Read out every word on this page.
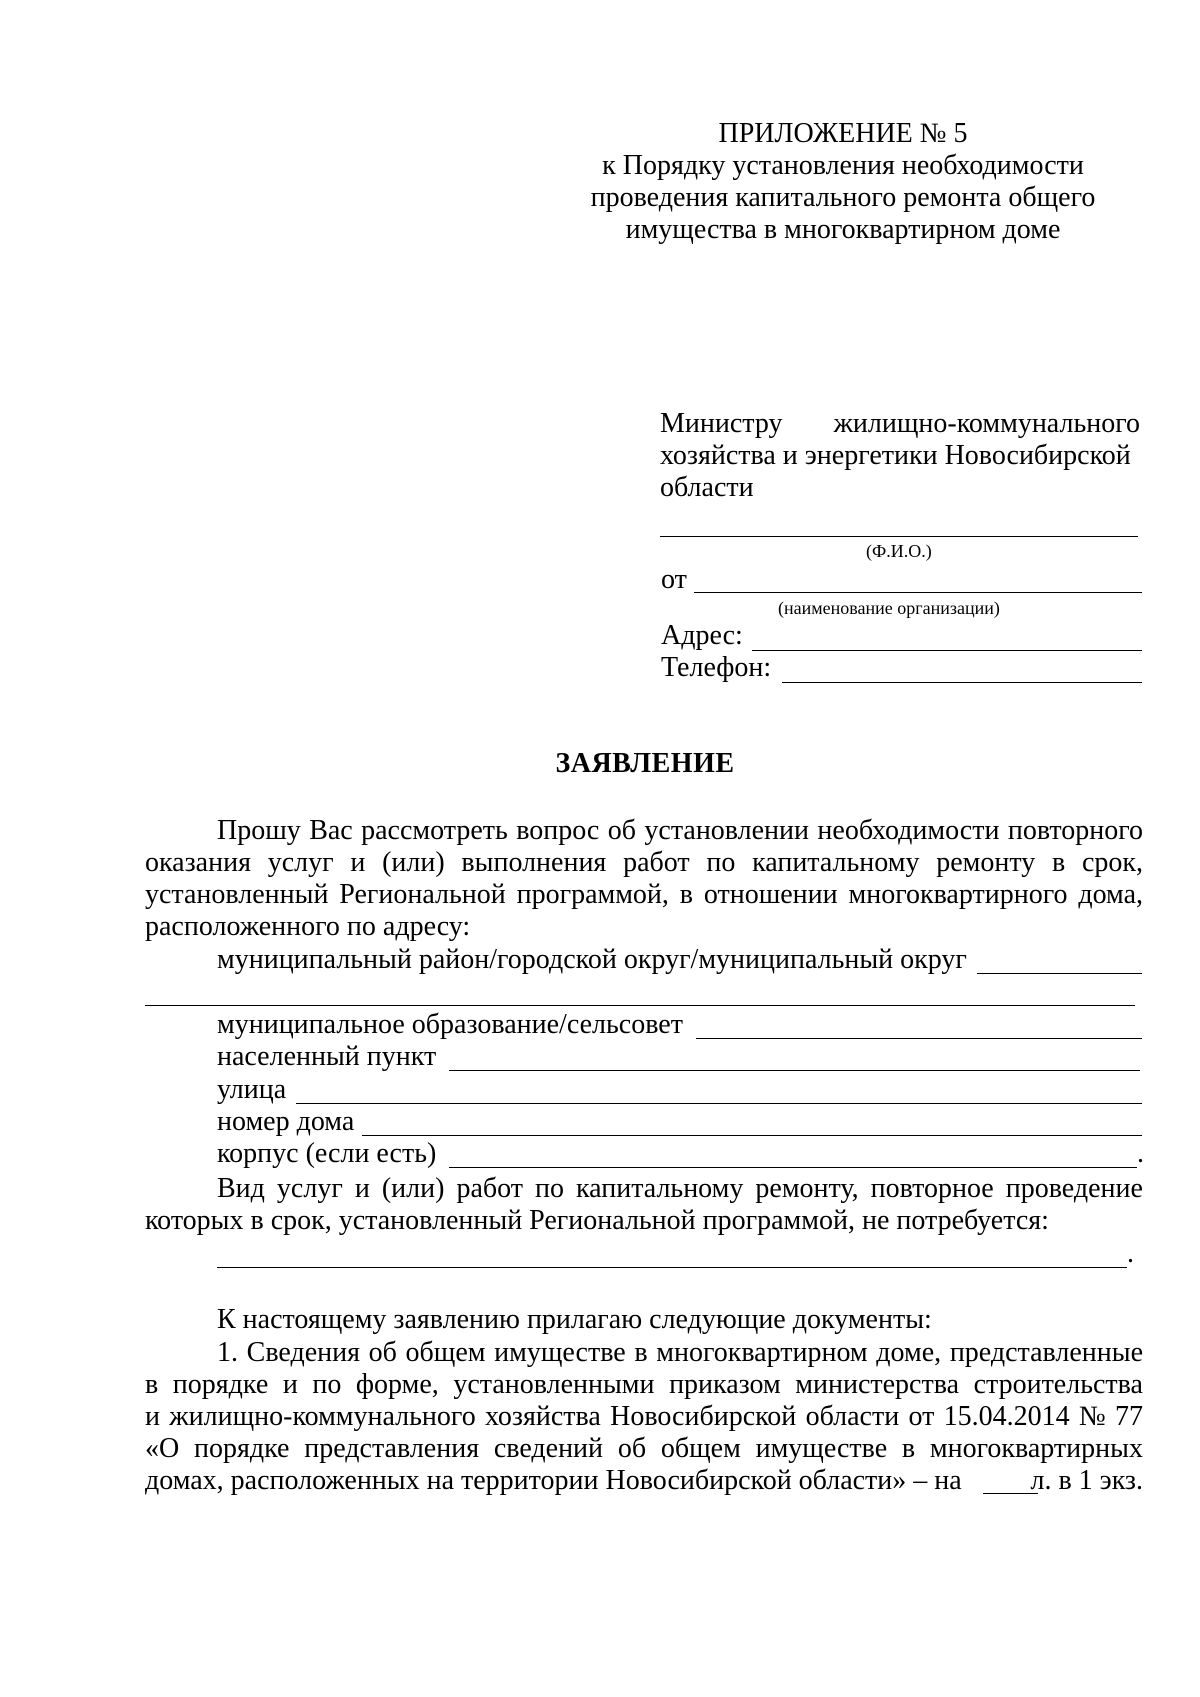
ПРИЛОЖЕНИЕ № 5
к Порядку установления необходимости
проведения капитального ремонта общего
имущества в многоквартирном доме
Министру жилищно-коммунального
хозяйства и энергетики Новосибирской
области
(Ф.И.О.)
от
(наименование организации)
Адрес:
Телефон:
ЗАЯВЛЕНИЕ
Прошу Вас рассмотреть вопрос об установлении необходимости повторного
оказания услуг и (или) выполнения работ по капитальному ремонту в срок,
установленный Региональной программой, в отношении многоквартирного дома,
расположенного по адресу:
муниципальный район/городской округ/муниципальный округ
муниципальное образование/сельсовет
населенный пункт
улица
номер дома
корпус (если есть)	.
Вид услуг и (или) работ по капитальному ремонту, повторное проведение
которых в срок, установленный Региональной программой, не потребуется:
.
К настоящему заявлению прилагаю следующие документы:
1. Сведения об общем имуществе в многоквартирном доме, представленные
в порядке и по форме, установленными приказом министерства строительства
и жилищно-коммунального хозяйства Новосибирской области от 15.04.2014 № 77
«О порядке представления сведений об общем имуществе в многоквартирных
домах, расположенных на территории Новосибирской области» – на л. в 1 экз.
